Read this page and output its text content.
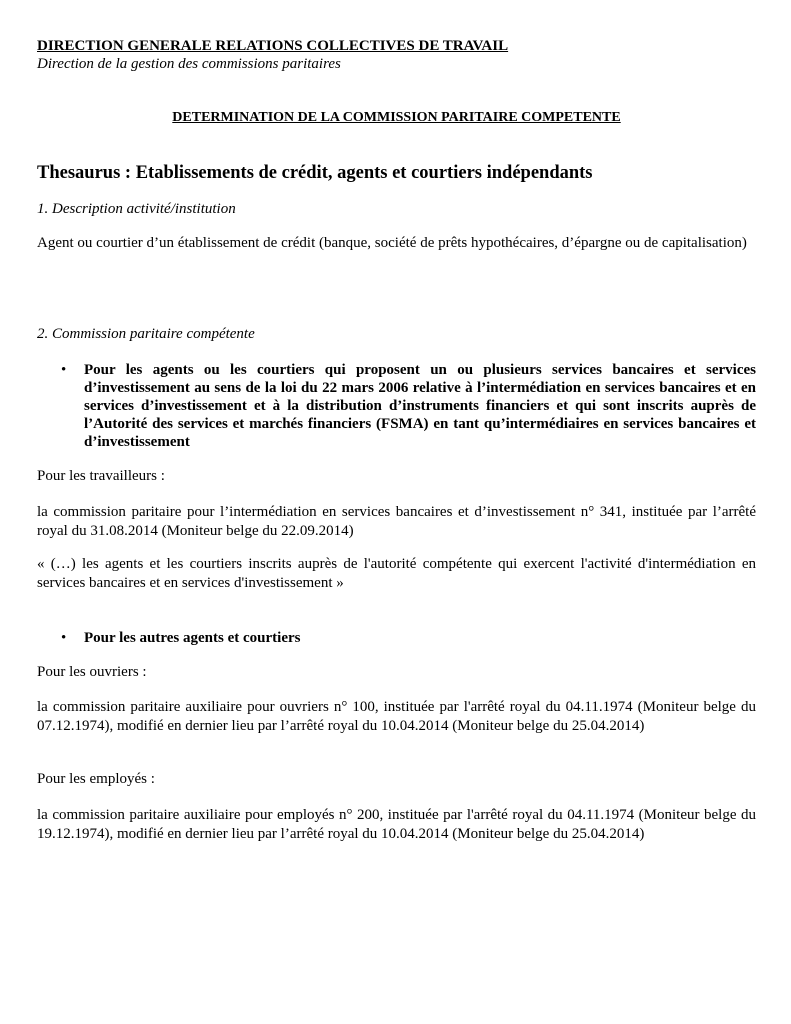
DIRECTION GENERALE RELATIONS COLLECTIVES DE TRAVAIL
Direction de la gestion des commissions paritaires
DETERMINATION DE LA COMMISSION PARITAIRE COMPETENTE
Thesaurus : Etablissements de crédit, agents et courtiers indépendants
1. Description activité/institution
Agent ou courtier d’un établissement de crédit (banque, société de prêts hypothécaires, d’épargne ou de capitalisation)
2. Commission paritaire compétente
• Pour les agents ou les courtiers qui proposent un ou plusieurs services bancaires et services d’investissement au sens de la loi du 22 mars 2006 relative à l’intermédiation en services bancaires et en services d’investissement et à la distribution d’instruments financiers et qui sont inscrits auprès de l’Autorité des services et marchés financiers (FSMA) en tant qu’intermédiaires en services bancaires et d’investissement
Pour les travailleurs :
la commission paritaire pour l’intermédiation en services bancaires et d’investissement n° 341, instituée par l’arrêté royal du 31.08.2014 (Moniteur belge du 22.09.2014)
« (…) les agents et les courtiers inscrits auprès de l'autorité compétente qui exercent l'activité d'intermédiation en services bancaires et en services d'investissement »
• Pour les autres agents et courtiers
Pour les ouvriers :
la commission paritaire auxiliaire pour ouvriers n° 100, instituée par l'arrêté royal du 04.11.1974 (Moniteur belge du 07.12.1974), modifié en dernier lieu par l’arrêté royal du 10.04.2014 (Moniteur belge du 25.04.2014)
Pour les employés :
la commission paritaire auxiliaire pour employés n° 200, instituée par l'arrêté royal du 04.11.1974 (Moniteur belge du 19.12.1974), modifié en dernier lieu par l’arrêté royal du 10.04.2014 (Moniteur belge du 25.04.2014)
